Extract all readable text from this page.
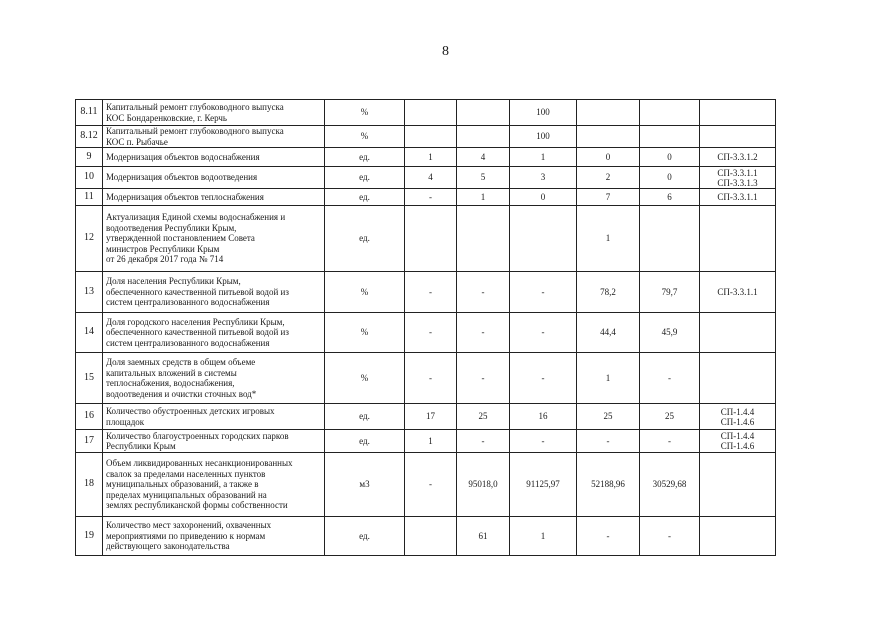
8
8.11	Капитальный ремонт глубоководного выпуска
КОС Бондаренковские, г. Керчь	%			100			
8.12	Капитальный ремонт глубоководного выпуска
КОС п. Рыбачье	%			100			
9	Модернизация объектов водоснабжения	ед.	1	4	1	0	0	СП-3.3.1.2
10	Модернизация объектов водоотведения	ед.	4	5	3	2	0	СП-3.3.1.1
СП-3.3.1.3
11	Модернизация объектов теплоснабжения	ед.	-	1	0	7	6	СП-3.3.1.1
12	Актуализация Единой схемы водоснабжения и
водоотведения Республики Крым,
утвержденной постановлением Совета
министров Республики Крым
от 26 декабря 2017 года № 714	ед.				1		
13	Доля населения Республики Крым,
обеспеченного качественной питьевой водой из
систем централизованного водоснабжения	%	-	-	-	78,2	79,7	СП-3.3.1.1
14	Доля городского населения Республики Крым,
обеспеченного качественной питьевой водой из
систем централизованного водоснабжения	%	-	-	-	44,4	45,9	
15	Доля заемных средств в общем объеме
капитальных вложений в системы
теплоснабжения, водоснабжения,
водоотведения и очистки сточных вод*	%	-	-	-	1	-	
16	Количество обустроенных детских игровых
площадок	ед.	17	25	16	25	25	СП-1.4.4
СП-1.4.6
17	Количество благоустроенных городских парков
Республики Крым	ед.	1	-	-	-	-	СП-1.4.4
СП-1.4.6
18	Объем ликвидированных несанкционированных
свалок за пределами населенных пунктов
муниципальных образований, а также в
пределах муниципальных образований на
землях республиканской формы собственности	м3	-	95018,0	91125,97	52188,96	30529,68	
19	Количество мест захоронений, охваченных
мероприятиями по приведению к нормам
действующего законодательства	ед.		61	1	-	-	
